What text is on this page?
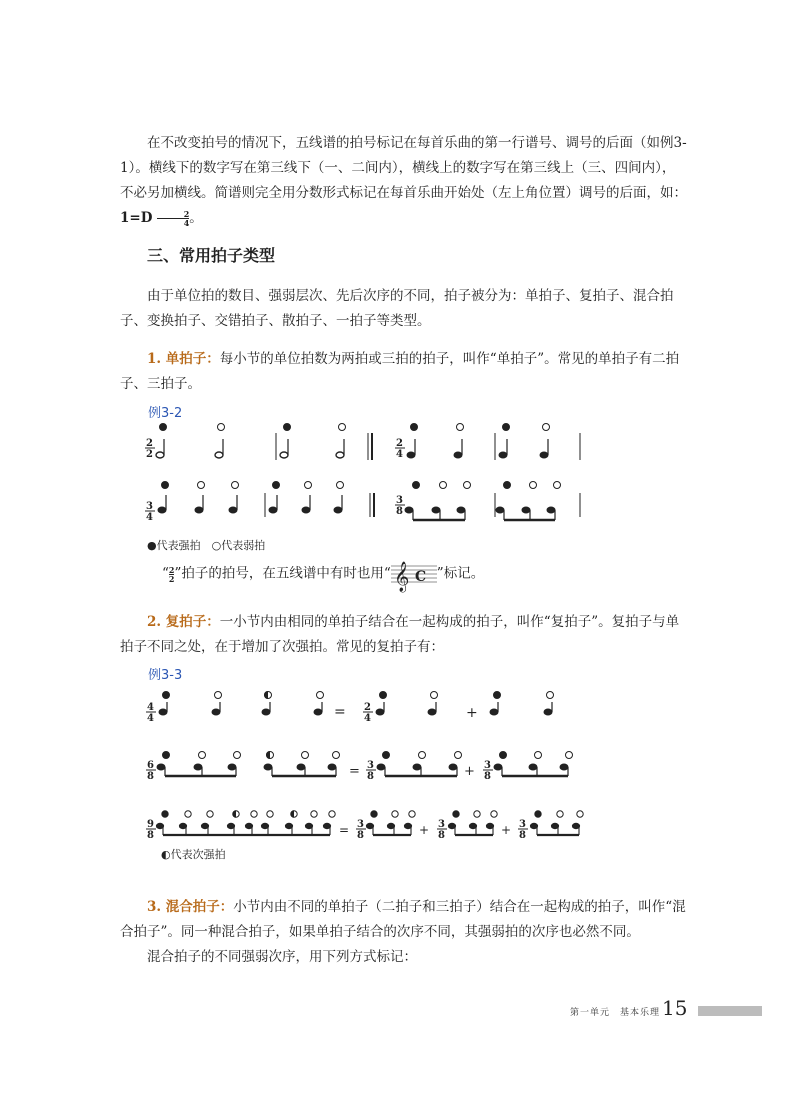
在不改变拍号的情况下，五线谱的拍号标记在每首乐曲的第一行谱号、调号的后面（如例3-1）。横线下的数字写在第三线下（一、二间内），横线上的数字写在第三线上（三、四间内），不必另加横线。简谱则完全用分数形式标记在每首乐曲开始处（左上角位置）调号的后面，如：$1=D \frac{2}{4}$ 。

三、常用拍子类型

由于单位拍的数目、强弱层次、先后次序的不同，拍子被分为：单拍子、复拍子、混合拍子、变换拍子、交错拍子、散拍子、一拍子等类型。

1. 单拍子：每小节的单位拍数为两拍或三拍的拍子，叫作“单拍子”。常见的单拍子有二拍子、三拍子。

例3-2
2
2
2
4
3
4
3
8
●代表强拍　○代表弱拍
“ $\frac{2}{2}$ ”拍子的拍号，在五线谱中有时也用“ 𝄞 C ”标记。

2. 复拍子：一小节内由相同的单拍子结合在一起构成的拍子，叫作“复拍子”。复拍子与单拍子不同之处，在于增加了次强拍。常见的复拍子有：

例3-3
4
4	= 2
4	+
6
8	= 3
8	+ 3
8
9
8	= 3
8	+ 3
8	+ 3
8
◐代表次强拍

3. 混合拍子：小节内由不同的单拍子（二拍子和三拍子）结合在一起构成的拍子，叫作“混合拍子”。同一种混合拍子，如果单拍子结合的次序不同，其强弱拍的次序也必然不同。

混合拍子的不同强弱次序，用下列方式标记：

第一单元　基本乐理 15
